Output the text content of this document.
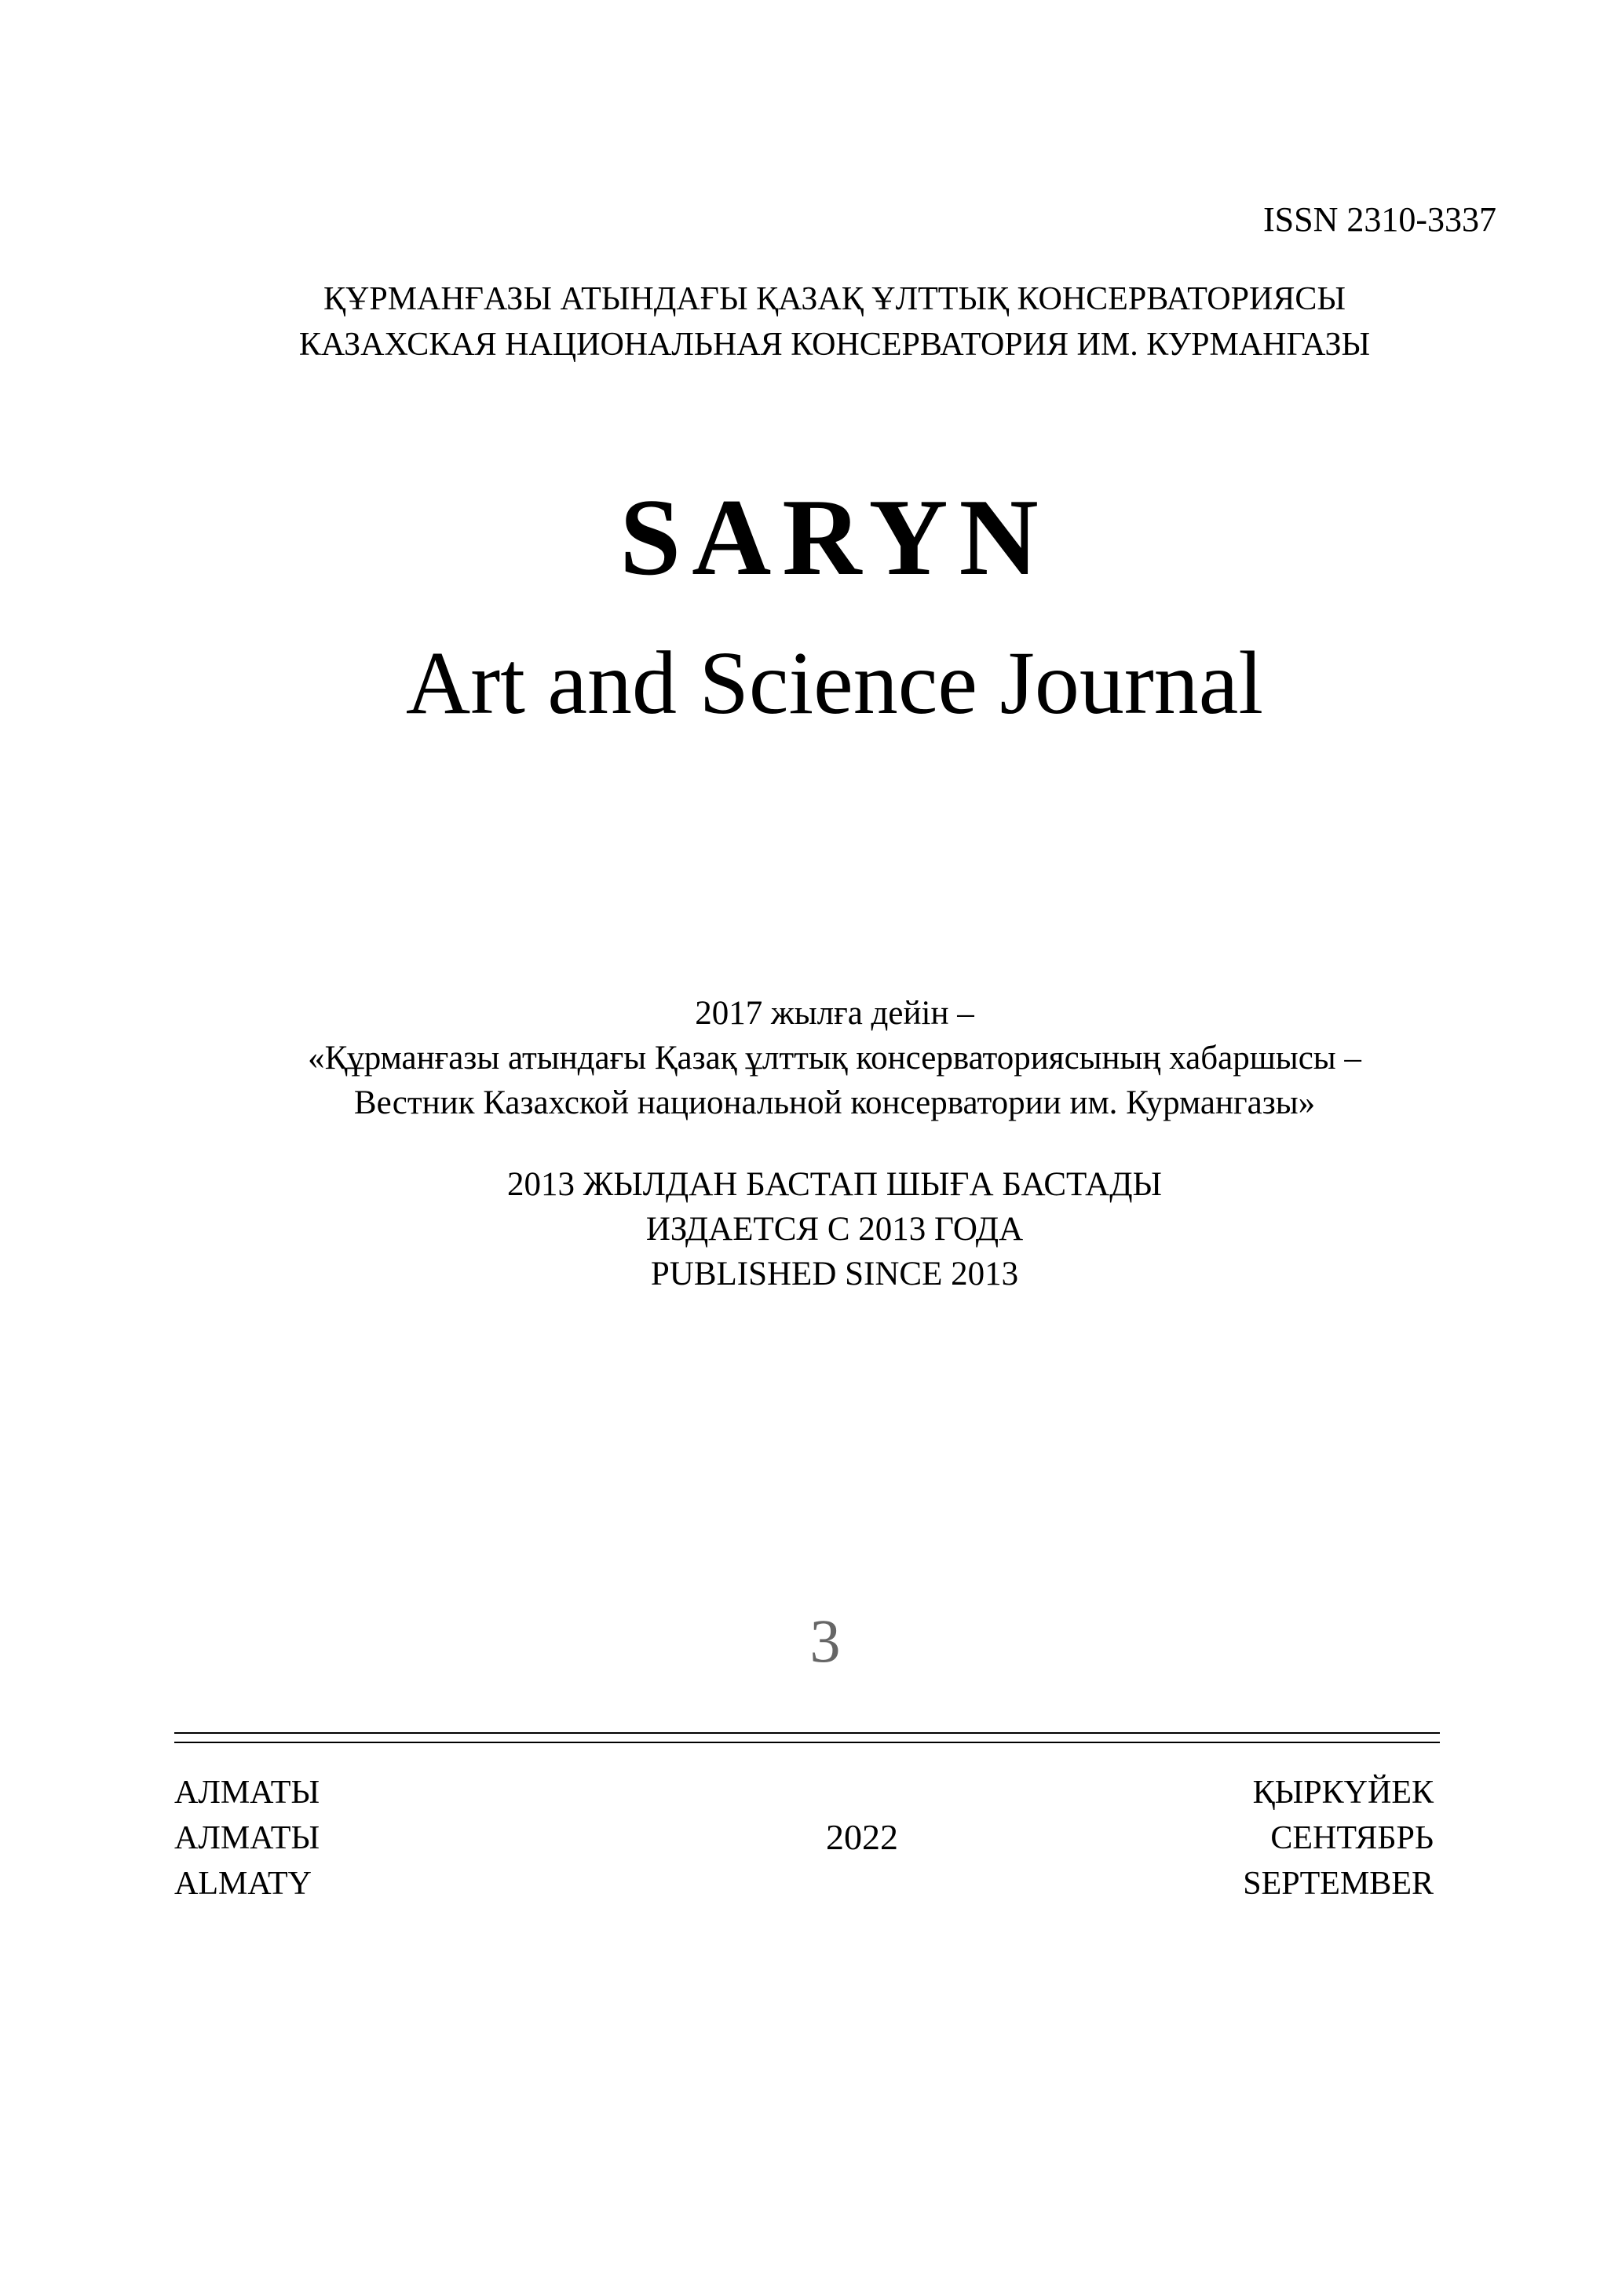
ISSN 2310-3337
ҚҰРМАНҒАЗЫ АТЫНДАҒЫ ҚАЗАҚ ҰЛТТЫҚ КОНСЕРВАТОРИЯСЫ
КАЗАХСКАЯ НАЦИОНАЛЬНАЯ КОНСЕРВАТОРИЯ ИМ. КУРМАНГАЗЫ
SARYN
Art and Science Journal
2017 жылға дейін –
«Құрманғазы атындағы Қазақ ұлттық консерваториясының хабаршысы –
Вестник Казахской национальной консерватории им. Курмангазы»
2013 ЖЫЛДАН БАСТАП ШЫҒА БАСТАДЫ
ИЗДАЕТСЯ С 2013 ГОДА
PUBLISHED SINCE 2013
3
АЛМАТЫ
АЛМАТЫ
ALMATY
2022
ҚЫРКҮЙЕК
СЕНТЯБРЬ
SEPTEMBER
